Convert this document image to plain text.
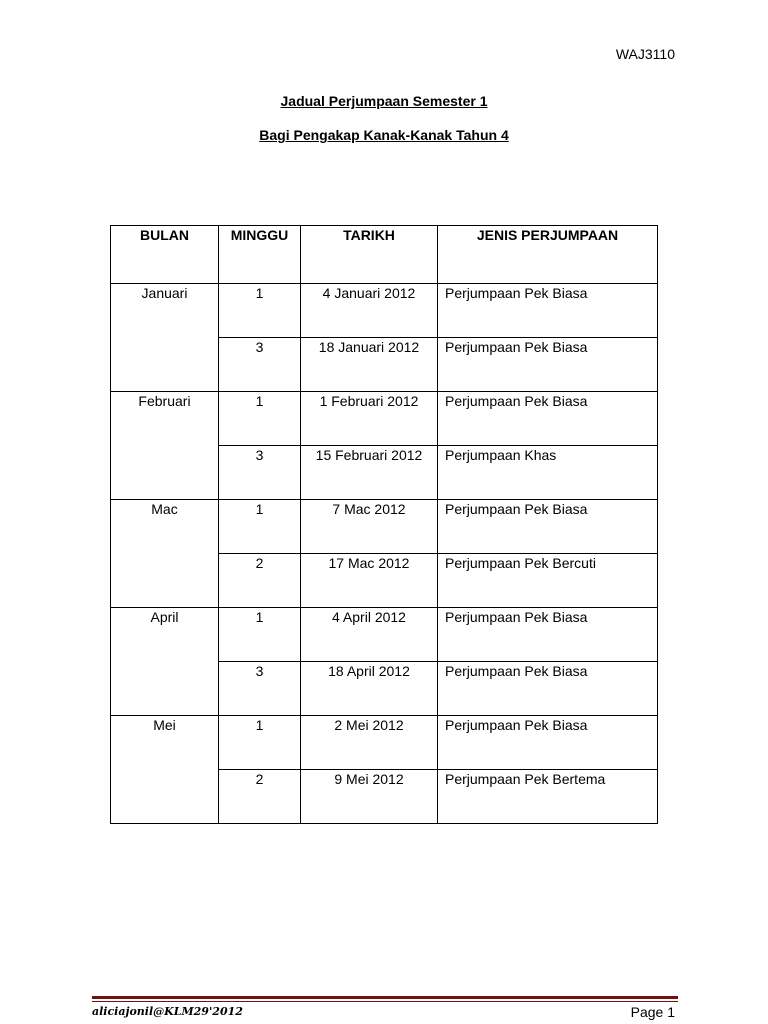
WAJ3110
Jadual Perjumpaan Semester 1
Bagi Pengakap Kanak-Kanak Tahun 4
BULAN	MINGGU	TARIKH	JENIS PERJUMPAAN
Januari	1	4 Januari 2012	Perjumpaan Pek Biasa
	3	18 Januari 2012	Perjumpaan Pek Biasa
Februari	1	1 Februari 2012	Perjumpaan Pek Biasa
	3	15 Februari 2012	Perjumpaan Khas
Mac	1	7 Mac 2012	Perjumpaan Pek Biasa
	2	17 Mac 2012	Perjumpaan Pek Bercuti
April	1	4 April 2012	Perjumpaan Pek Biasa
	3	18 April 2012	Perjumpaan Pek Biasa
Mei	1	2 Mei 2012	Perjumpaan Pek Biasa
	2	9 Mei 2012	Perjumpaan Pek Bertema
aliciajonil@KLM29'2012	Page 1
